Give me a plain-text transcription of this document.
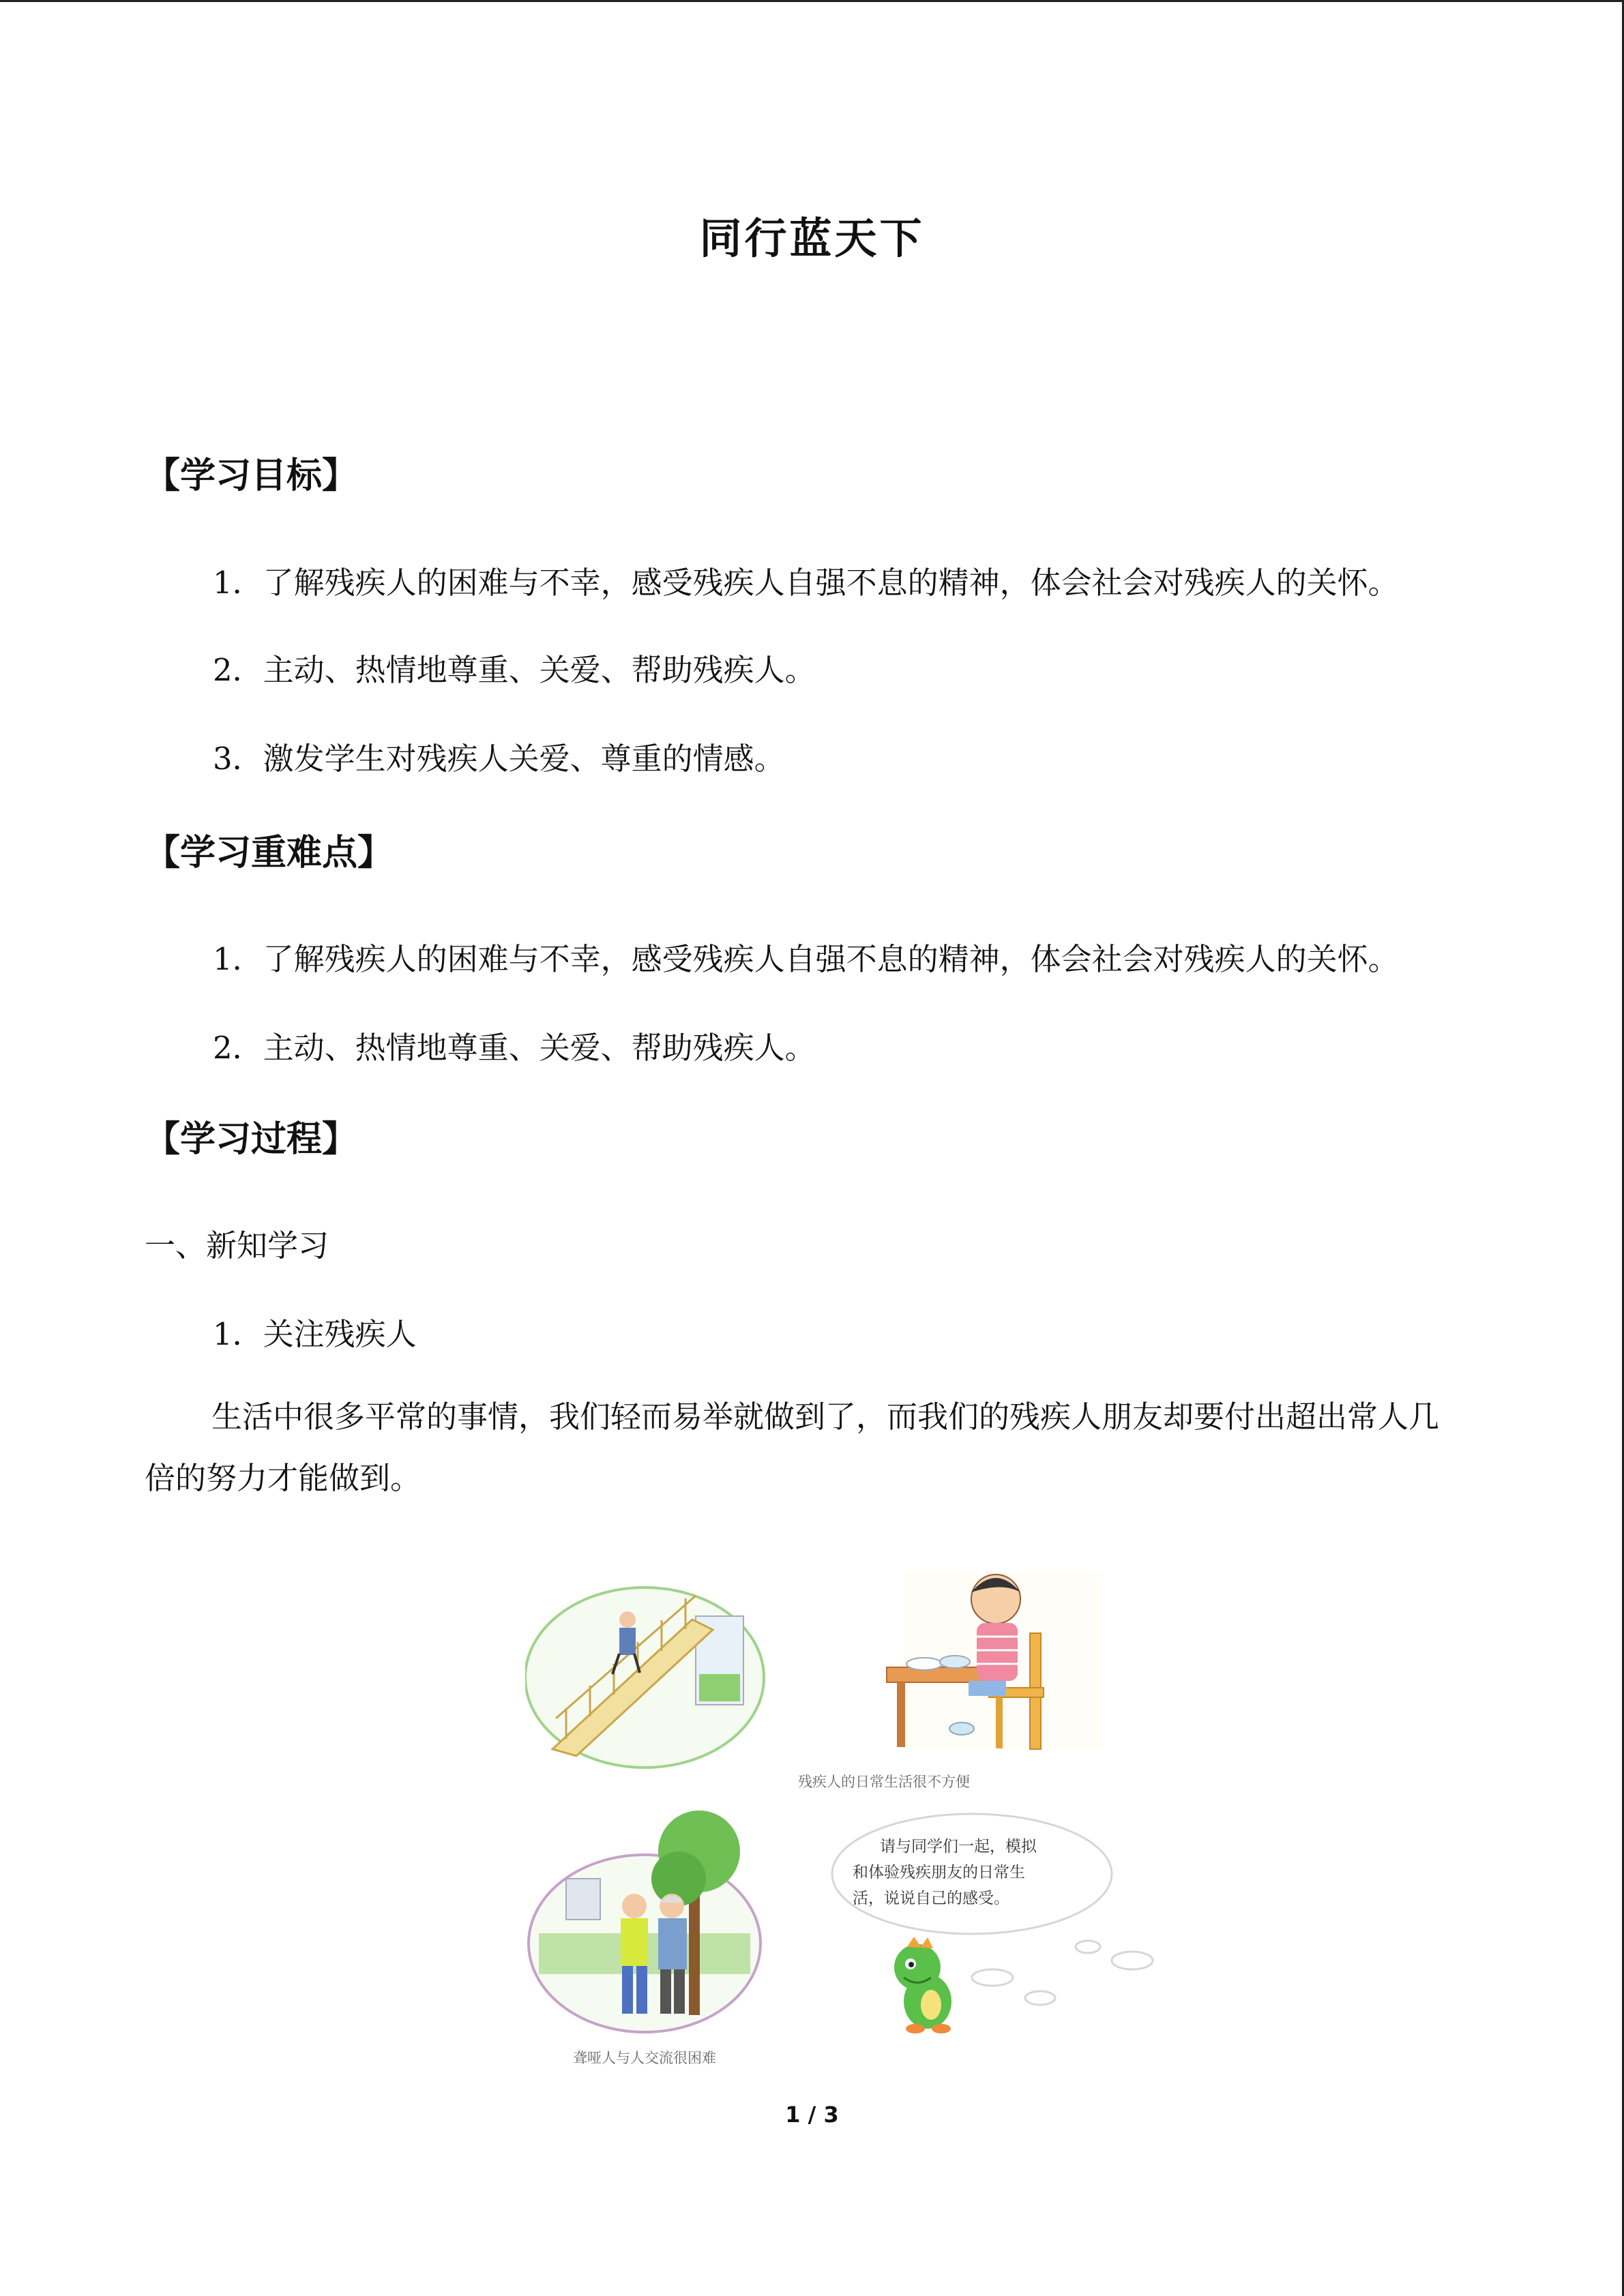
同行蓝天下
【学习目标】
1．了解残疾人的困难与不幸，感受残疾人自强不息的精神，体会社会对残疾人的关怀。
2．主动、热情地尊重、关爱、帮助残疾人。
3．激发学生对残疾人关爱、尊重的情感。
【学习重难点】
1．了解残疾人的困难与不幸，感受残疾人自强不息的精神，体会社会对残疾人的关怀。
2．主动、热情地尊重、关爱、帮助残疾人。
【学习过程】
一、新知学习
1．关注残疾人
生活中很多平常的事情，我们轻而易举就做到了，而我们的残疾人朋友却要付出超出常人几倍的努力才能做到。
残疾人的日常生活很不方便
请与同学们一起，模拟
和体验残疾朋友的日常生
活，说说自己的感受。
聋哑人与人交流很困难
1 / 3
